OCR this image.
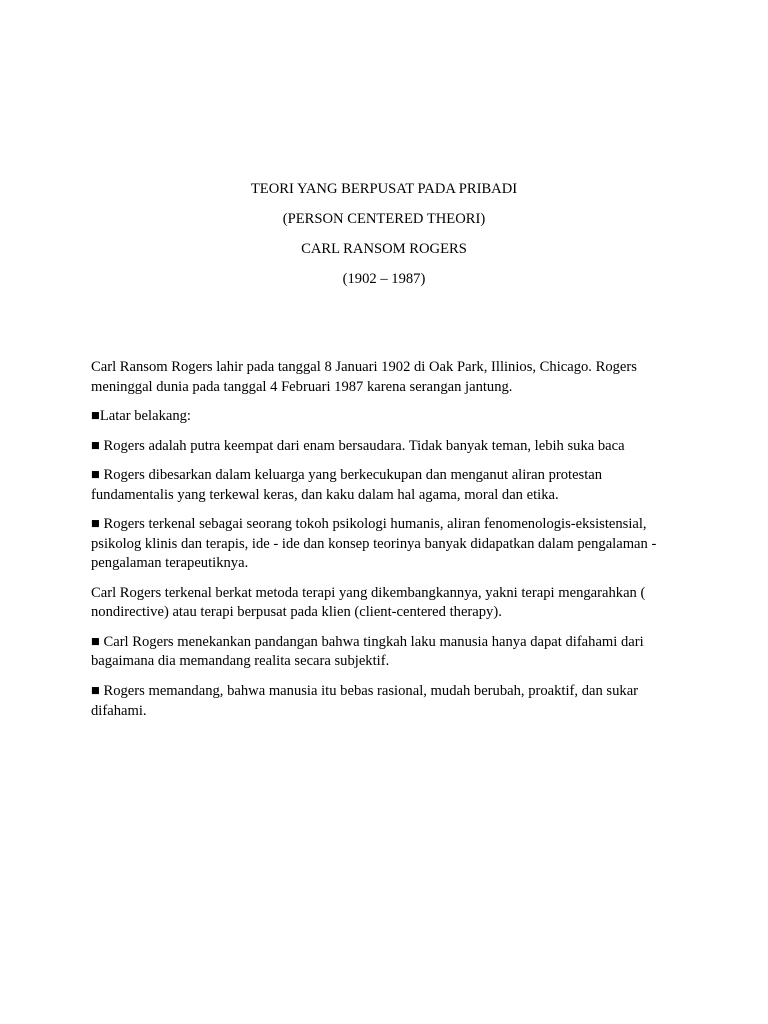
TEORI YANG BERPUSAT PADA PRIBADI

(PERSON CENTERED THEORI)

CARL RANSOM ROGERS

(1902 – 1987)

Carl Ransom Rogers lahir pada tanggal 8 Januari 1902 di Oak Park, Illinios, Chicago. Rogers meninggal dunia pada tanggal 4 Februari 1987 karena serangan jantung.

■Latar belakang:

■ Rogers adalah putra keempat dari enam bersaudara. Tidak banyak teman, lebih suka baca

■ Rogers dibesarkan dalam keluarga yang berkecukupan dan menganut aliran protestan fundamentalis yang terkewal keras, dan kaku dalam hal agama, moral dan etika.

■ Rogers terkenal sebagai seorang tokoh psikologi humanis, aliran fenomenologis-eksistensial, psikolog klinis dan terapis, ide - ide dan konsep teorinya banyak didapatkan dalam pengalaman - pengalaman terapeutiknya.

Carl Rogers terkenal berkat metoda terapi yang dikembangkannya, yakni terapi mengarahkan ( nondirective) atau terapi berpusat pada klien (client-centered therapy).

■ Carl Rogers menekankan pandangan bahwa tingkah laku manusia hanya dapat difahami dari bagaimana dia memandang realita secara subjektif.

■ Rogers memandang, bahwa manusia itu bebas rasional, mudah berubah, proaktif, dan sukar difahami.
